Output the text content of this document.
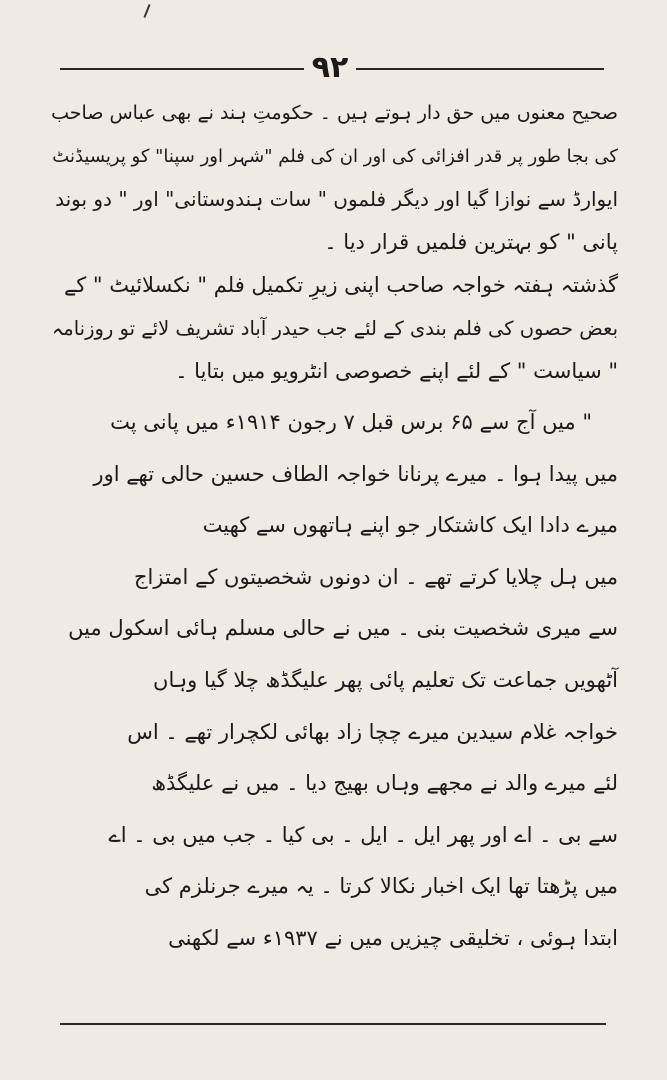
۹۲
صحیح معنوں میں حق دار ہوتے ہیں ۔ حکومتِ ہند نے بھی عباس صاحب
کی بجا طور پر قدر افزائی کی اور ان کی فلم "شہر اور سپنا" کو پریسیڈنٹ
ایوارڈ سے نوازا گیا اور دیگر فلموں " سات ہندوستانی" اور " دو بوند
پانی " کو بہترین فلمیں قرار دیا ۔
گذشتہ ہفتہ خواجہ صاحب اپنی زیرِ تکمیل فلم " نکسلائیٹ " کے
بعض حصوں کی فلم بندی کے لئے جب حیدر آباد تشریف لائے تو روزنامہ
" سیاست " کے لئے اپنے خصوصی انٹرویو میں بتایا ۔
" میں آج سے ۶۵ برس قبل ۷ رجون ۱۹۱۴ء میں پانی پت
میں پیدا ہوا ۔ میرے پرنانا خواجہ الطاف حسین حالی تھے اور
میرے دادا ایک کاشتکار جو اپنے ہاتھوں سے کھیت
میں ہل چلایا کرتے تھے ۔ ان دونوں شخصیتوں کے امتزاج
سے میری شخصیت بنی ۔ میں نے حالی مسلم ہائی اسکول میں
آٹھویں جماعت تک تعلیم پائی پھر علیگڈھ چلا گیا وہاں
خواجہ غلام سیدین میرے چچا زاد بھائی لکچرار تھے ۔ اس
لئے میرے والد نے مجھے وہاں بھیج دیا ۔ میں نے علیگڈھ
سے بی ۔ اے اور پھر ایل ۔ ایل ۔ بی کیا ۔ جب میں بی ۔ اے
میں پڑھتا تھا ایک اخبار نکالا کرتا ۔ یہ میرے جرنلزم کی
ابتدا ہوئی ، تخلیقی چیزیں میں نے ۱۹۳۷ء سے لکھنی
